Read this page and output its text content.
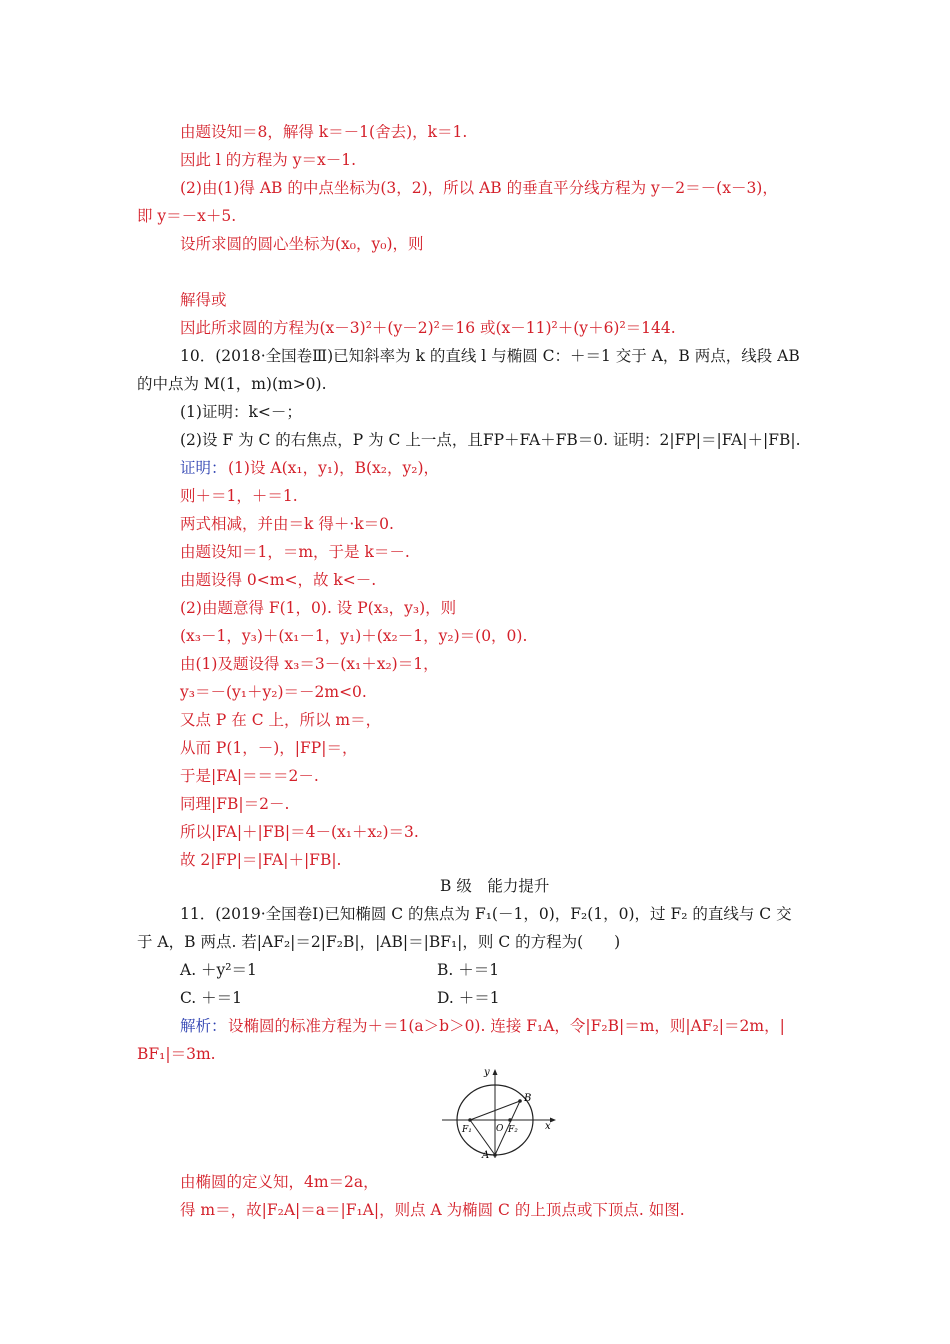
由题设知＝8，解得 k＝－1(舍去)，k＝1.
因此 l 的方程为 y＝x－1.
(2)由(1)得 AB 的中点坐标为(3，2)，所以 AB 的垂直平分线方程为 y－2＝－(x－3)，
即 y＝－x＋5.
设所求圆的圆心坐标为(x₀，y₀)，则
解得或
因此所求圆的方程为(x－3)²＋(y－2)²＝16 或(x－11)²＋(y＋6)²＝144.
10．(2018·全国卷Ⅲ)已知斜率为 k 的直线 l 与椭圆 C：＋＝1 交于 A，B 两点，线段 AB
的中点为 M(1，m)(m>0).
(1)证明：k<－；
(2)设 F 为 C 的右焦点，P 为 C 上一点，且FP＋FA＋FB＝0. 证明：2|FP|＝|FA|＋|FB|.
证明： (1)设 A(x₁，y₁)，B(x₂，y₂)，
则＋＝1，＋＝1.
两式相减，并由＝k 得＋·k＝0.
由题设知＝1，＝m，于是 k＝－.
由题设得 0<m<，故 k<－.
(2)由题意得 F(1，0). 设 P(x₃，y₃)，则
(x₃－1，y₃)＋(x₁－1，y₁)＋(x₂－1，y₂)＝(0，0).
由(1)及题设得 x₃＝3－(x₁＋x₂)＝1，
y₃＝－(y₁＋y₂)＝－2m<0.
又点 P 在 C 上，所以 m＝，
从而 P(1，－)，|FP|＝，
于是|FA|＝＝＝2－.
同理|FB|＝2－.
所以|FA|＋|FB|＝4－(x₁＋x₂)＝3.
故 2|FP|＝|FA|＋|FB|.
B 级　能力提升
11．(2019·全国卷Ⅰ)已知椭圆 C 的焦点为 F₁(－1，0)，F₂(1，0)，过 F₂ 的直线与 C 交
于 A，B 两点. 若|AF₂|＝2|F₂B|，|AB|＝|BF₁|，则 C 的方程为(　　)
A. ＋y²＝1	B. ＋＝1
C. ＋＝1	D. ＋＝1
解析： 设椭圆的标准方程为＋＝1(a＞b＞0). 连接 F₁A，令|F₂B|＝m，则|AF₂|＝2m，|
BF₁|＝3m.
由椭圆的定义知，4m＝2a，
得 m＝，故|F₂A|＝a＝|F₁A|，则点 A 为椭圆 C 的上顶点或下顶点. 如图.
y
x
B
F₁	O F₂
A
